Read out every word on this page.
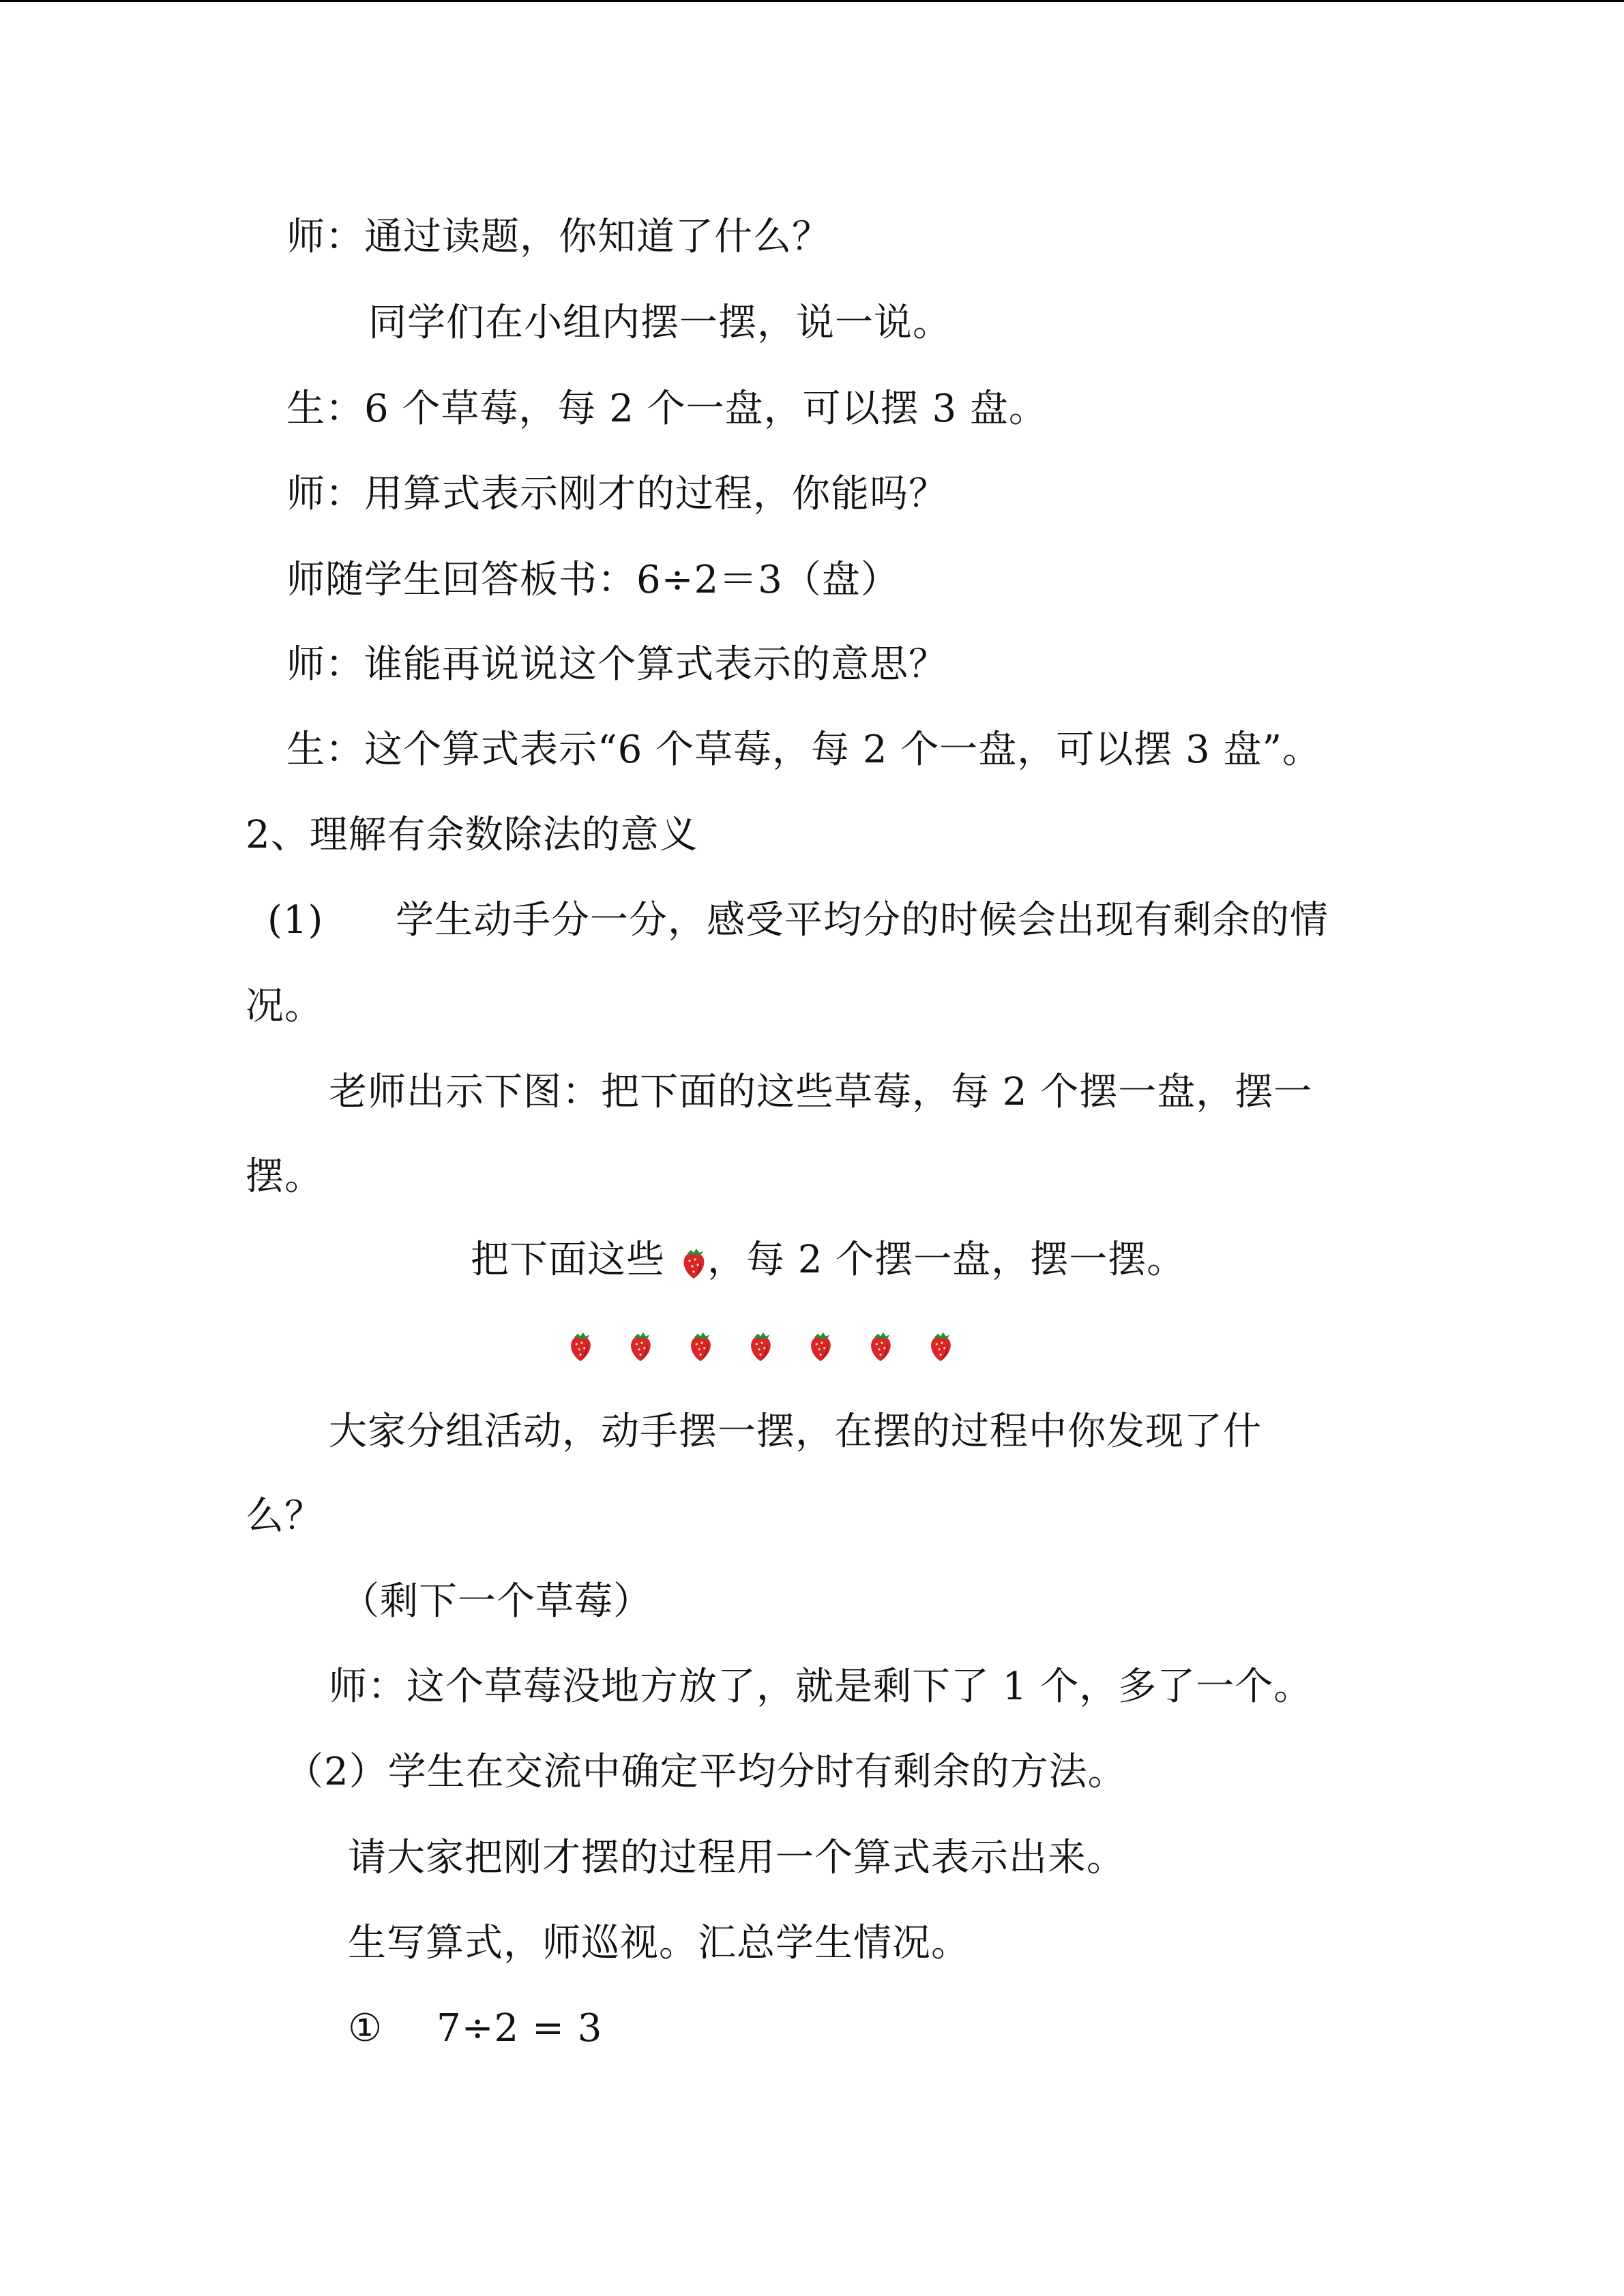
师：通过读题，你知道了什么？
同学们在小组内摆一摆，说一说。
生：6 个草莓，每 2 个一盘，可以摆 3 盘。
师：用算式表示刚才的过程，你能吗？
师随学生回答板书：6÷2＝3（盘）
师：谁能再说说这个算式表示的意思？
生：这个算式表示“6 个草莓，每 2 个一盘，可以摆 3 盘”。
2、理解有余数除法的意义
(1) 学生动手分一分，感受平均分的时候会出现有剩余的情
况。
老师出示下图：把下面的这些草莓，每 2 个摆一盘，摆一
摆。
把下面这些 ，每 2 个摆一盘，摆一摆。
大家分组活动，动手摆一摆，在摆的过程中你发现了什
么？
（剩下一个草莓）
师：这个草莓没地方放了，就是剩下了 1 个，多了一个。
（2）学生在交流中确定平均分时有剩余的方法。
请大家把刚才摆的过程用一个算式表示出来。
生写算式，师巡视。汇总学生情况。
① 7÷2 = 3
